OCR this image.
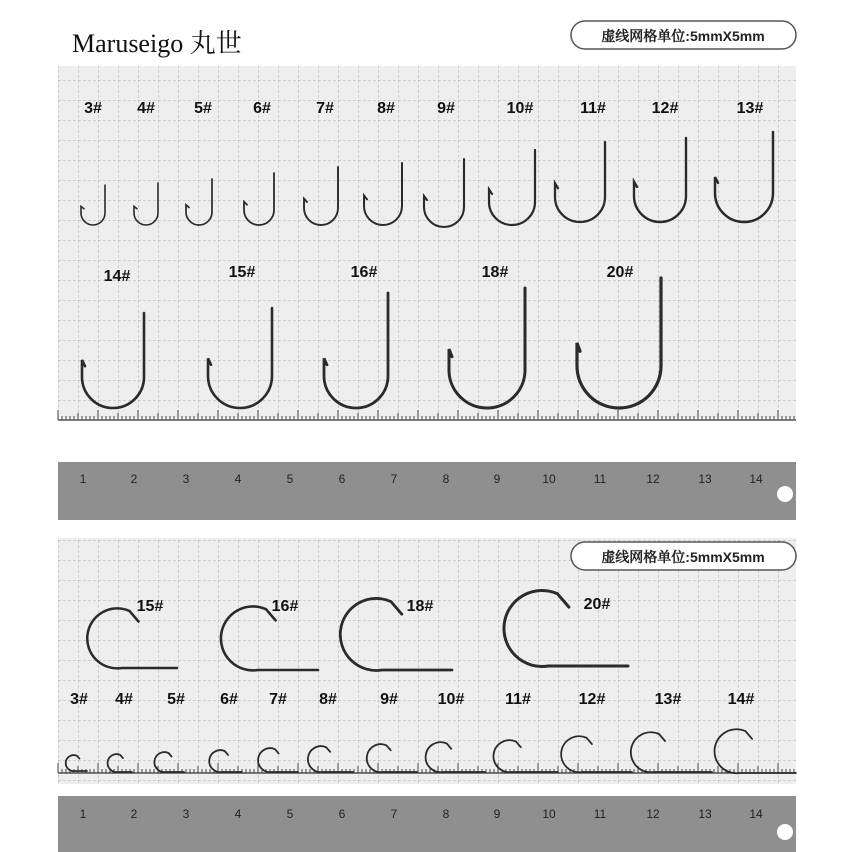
Maruseigo 丸世	虚线网格单位:5mmX5mm
1	2	3	4	5	6	7	8	9	10	11	12	13	14
3# 4# 5#	6#	7#	8#	9#	10#	11#	12#	13#
14#	15#	16#	18#	20#
虚线网格单位:5mmX5mm
1	2	3	4	5	6	7	8	9	10	11	12	13	14
15#	16#	18#	20#
3# 4# 5# 6# 7# 8#	9# 10#	11#	12#	13#	14#
